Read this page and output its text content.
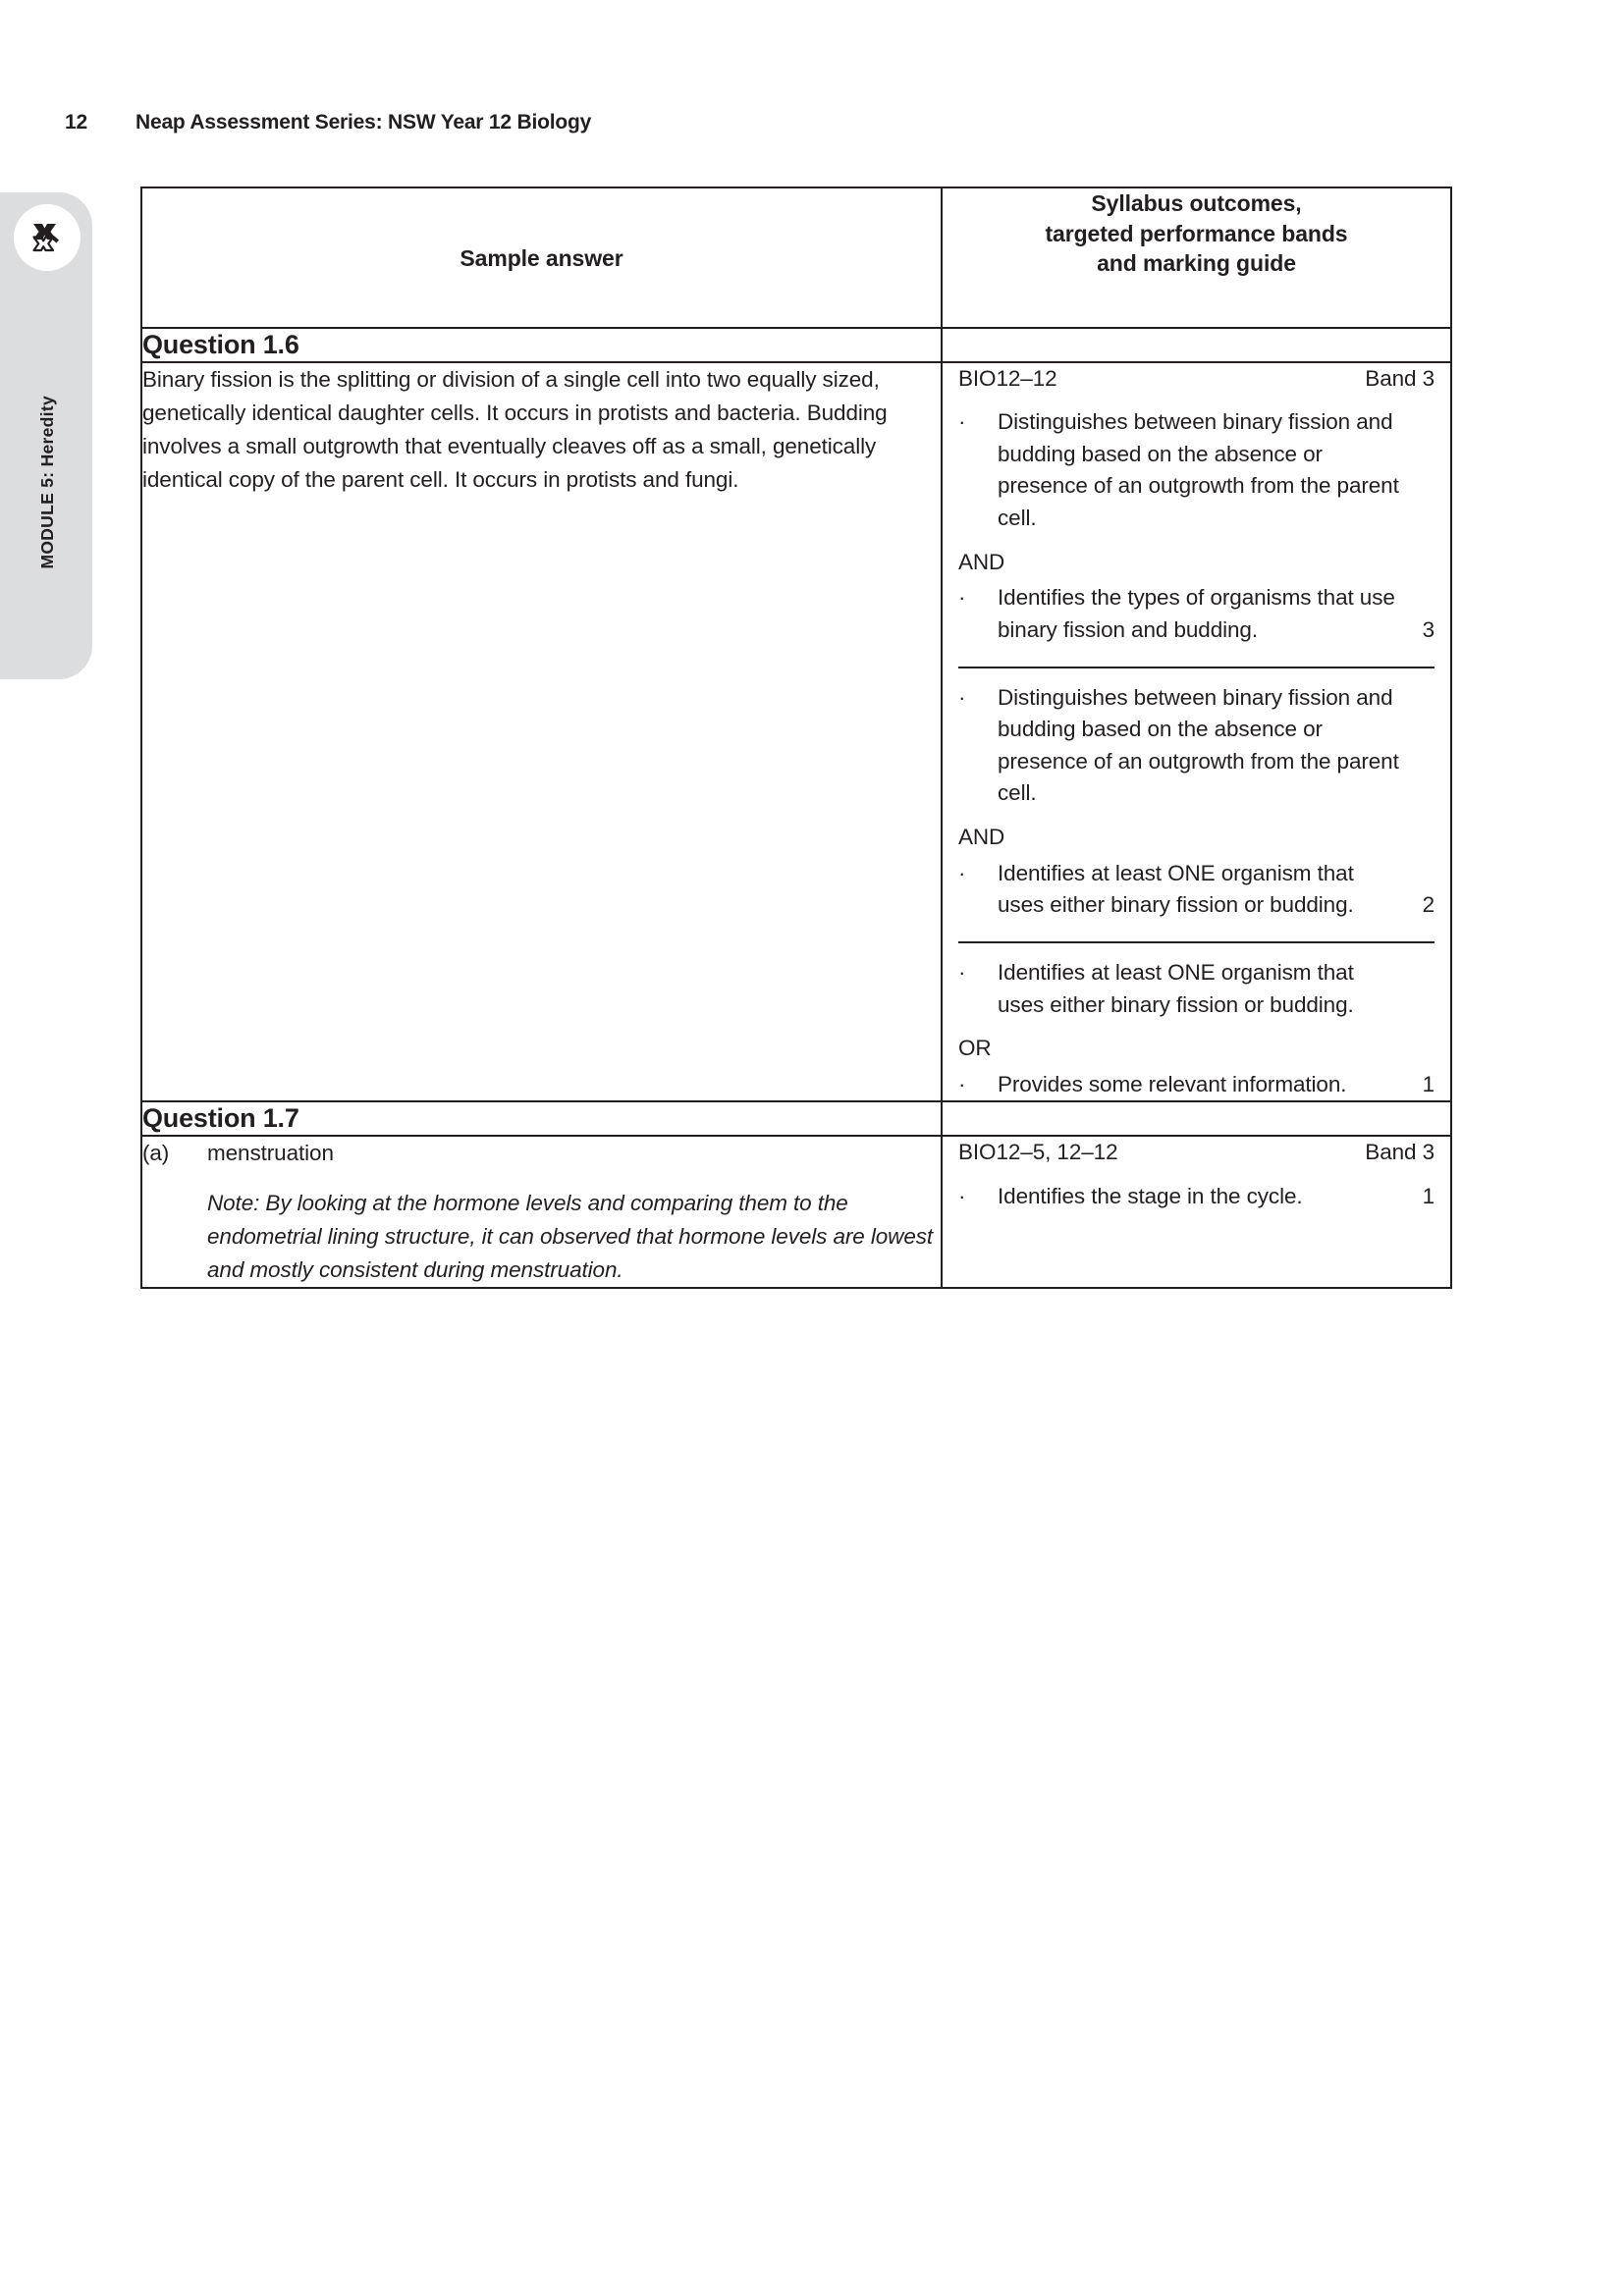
12 Neap Assessment Series: NSW Year 12 Biology
MODULE 5: Heredity
Sample answer	Syllabus outcomes,
targeted performance bands
and marking guide

Question 1.6	

Binary fission is the splitting or division of a single cell into two equally sized, genetically identical daughter cells. It occurs in protists and bacteria. Budding involves a small outgrowth that eventually cleaves off as a small, genetically identical copy of the parent cell. It occurs in protists and fungi.

BIO12–12	Band 3
·	Distinguishes between binary fission and budding based on the absence or presence of an outgrowth from the parent cell.
AND
·	Identifies the types of organisms that use binary fission and budding.	3
·	Distinguishes between binary fission and budding based on the absence or presence of an outgrowth from the parent cell.
AND
·	Identifies at least ONE organism that uses either binary fission or budding.	2
·	Identifies at least ONE organism that uses either binary fission or budding.
OR
·	Provides some relevant information.	1

Question 1.7	

(a)	menstruation
Note: By looking at the hormone levels and comparing them to the endometrial lining structure, it can observed that hormone levels are lowest and mostly consistent during menstruation.

BIO12–5, 12–12	Band 3
·	Identifies the stage in the cycle.	1
